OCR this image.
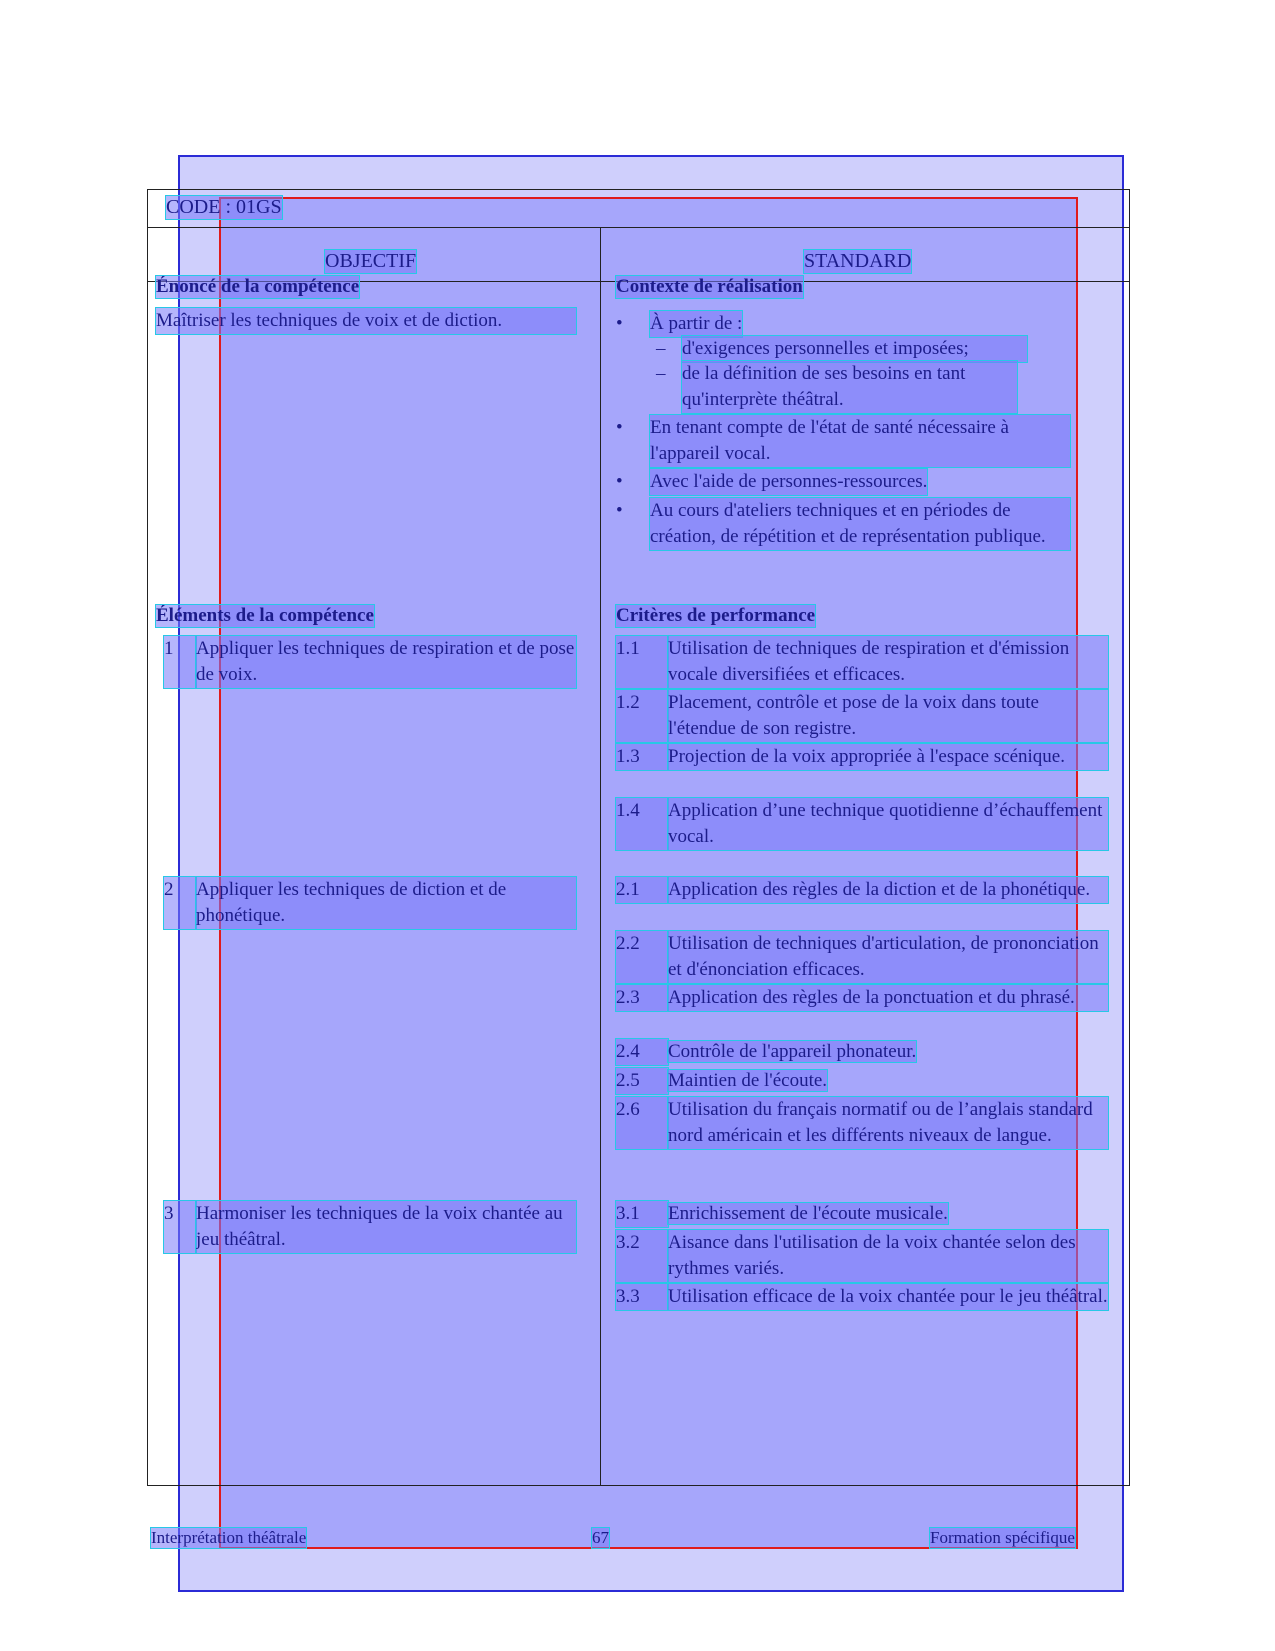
CODE : 01GS
OBJECTIF	STANDARD
Énoncé de la compétence
Maîtriser les techniques de voix et de diction.
Éléments de la compétence
1	Appliquer les techniques de respiration et de pose de voix.
2	Appliquer les techniques de diction et de phonétique.
3	Harmoniser les techniques de la voix chantée au jeu théâtral.
Contexte de réalisation
•	À partir de :
– d'exigences personnelles et imposées;
– de la définition de ses besoins en tant qu'interprète théâtral.
•	En tenant compte de l'état de santé nécessaire à l'appareil vocal.
•	Avec l'aide de personnes-ressources.
•	Au cours d'ateliers techniques et en périodes de création, de répétition et de représentation publique.
Critères de performance
1.1	Utilisation de techniques de respiration et d'émission vocale diversifiées et efficaces.
1.2	Placement, contrôle et pose de la voix dans toute l'étendue de son registre.
1.3	Projection de la voix appropriée à l'espace scénique.
1.4	Application d’une technique quotidienne d’échauffement vocal.
2.1	Application des règles de la diction et de la phonétique.
2.2	Utilisation de techniques d'articulation, de prononciation et d'énonciation efficaces.
2.3	Application des règles de la ponctuation et du phrasé.
2.4	Contrôle de l'appareil phonateur.
2.5	Maintien de l'écoute.
2.6	Utilisation du français normatif ou de l’anglais standard nord américain et les différents niveaux de langue.
3.1	Enrichissement de l'écoute musicale.
3.2	Aisance dans l'utilisation de la voix chantée selon des rythmes variés.
3.3	Utilisation efficace de la voix chantée pour le jeu théâtral.
Interprétation théâtrale	67	Formation spécifique
